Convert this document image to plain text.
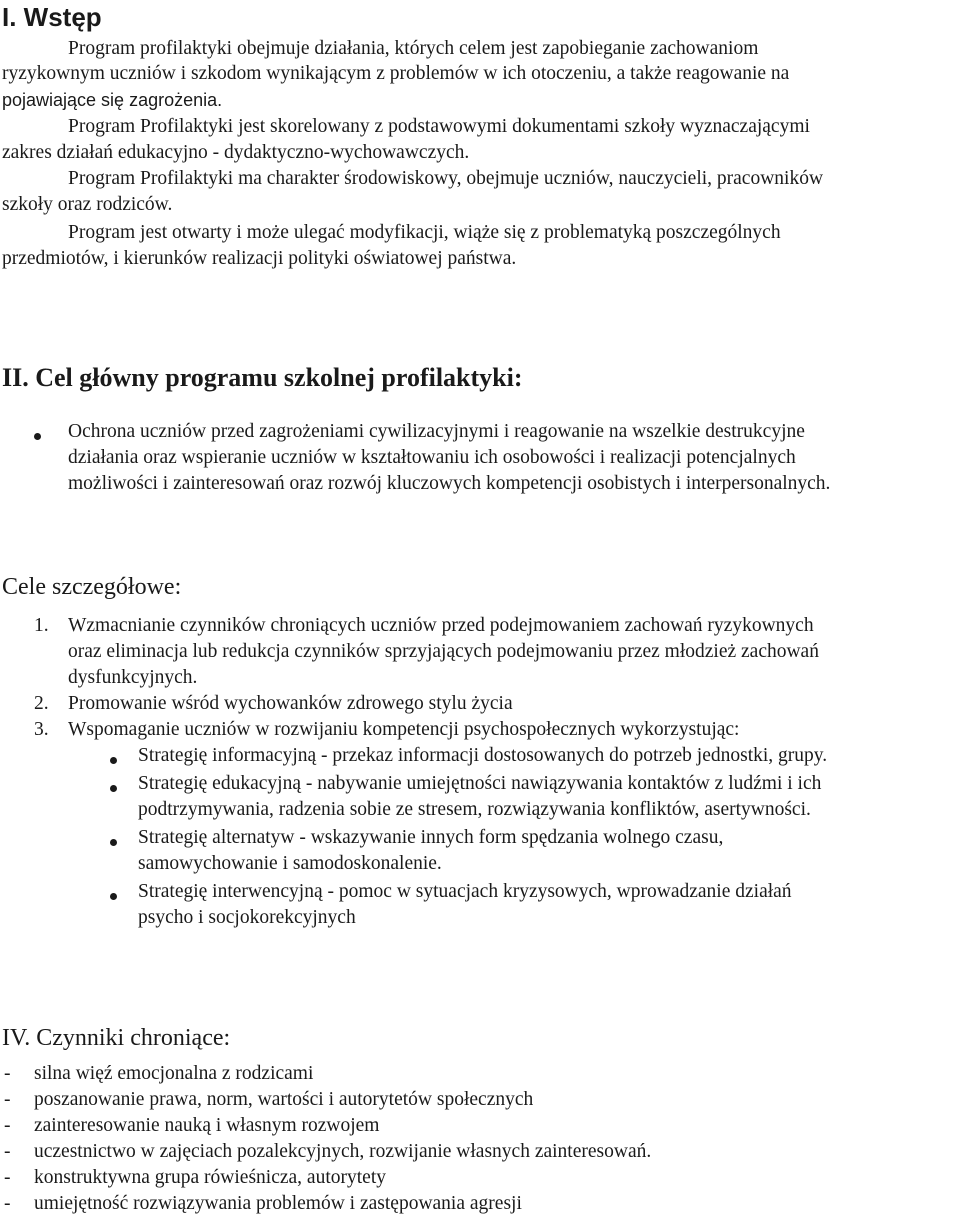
I. Wstęp
Program profilaktyki obejmuje działania, których celem jest zapobieganie zachowaniom
ryzykownym uczniów i szkodom wynikającym z problemów w ich otoczeniu, a także reagowanie na
pojawiające się zagrożenia.
Program Profilaktyki jest skorelowany z podstawowymi dokumentami szkoły wyznaczającymi
zakres działań edukacyjno - dydaktyczno-wychowawczych.
Program Profilaktyki ma charakter środowiskowy, obejmuje uczniów, nauczycieli, pracowników
szkoły oraz rodziców.
Program jest otwarty i może ulegać modyfikacji, wiąże się z problematyką poszczególnych
przedmiotów, i kierunków realizacji polityki oświatowej państwa.
II. Cel główny programu szkolnej profilaktyki:
Ochrona uczniów przed zagrożeniami cywilizacyjnymi i reagowanie na wszelkie destrukcyjne
działania oraz wspieranie uczniów w kształtowaniu ich osobowości i realizacji potencjalnych
możliwości i zainteresowań oraz rozwój kluczowych kompetencji osobistych i interpersonalnych.
Cele szczegółowe:
1. Wzmacnianie czynników chroniących uczniów przed podejmowaniem zachowań ryzykownych
oraz eliminacja lub redukcja czynników sprzyjających podejmowaniu przez młodzież zachowań
dysfunkcyjnych.
2. Promowanie wśród wychowanków zdrowego stylu życia
3. Wspomaganie uczniów w rozwijaniu kompetencji psychospołecznych wykorzystując:
Strategię informacyjną - przekaz informacji dostosowanych do potrzeb jednostki, grupy.
Strategię edukacyjną - nabywanie umiejętności nawiązywania kontaktów z ludźmi i ich
podtrzymywania, radzenia sobie ze stresem, rozwiązywania konfliktów, asertywności.
Strategię alternatyw - wskazywanie innych form spędzania wolnego czasu,
samowychowanie i samodoskonalenie.
Strategię interwencyjną - pomoc w sytuacjach kryzysowych, wprowadzanie działań
psycho i socjokorekcyjnych
IV. Czynniki chroniące:
- silna więź emocjonalna z rodzicami
- poszanowanie prawa, norm, wartości i autorytetów społecznych
- zainteresowanie nauką i własnym rozwojem
- uczestnictwo w zajęciach pozalekcyjnych, rozwijanie własnych zainteresowań.
- konstruktywna grupa rówieśnicza, autorytety
- umiejętność rozwiązywania problemów i zastępowania agresji
